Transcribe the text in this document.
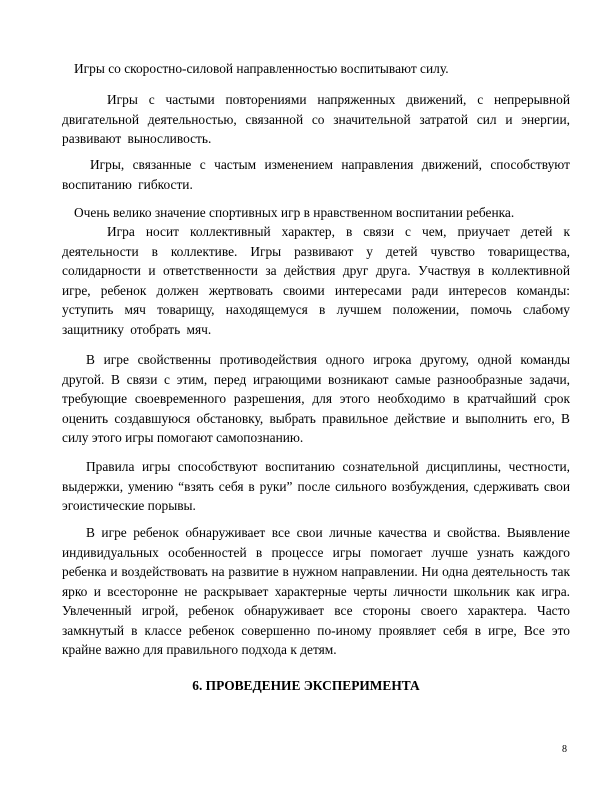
Игры со скоростно-силовой направленностью воспитывают силу.

Игры с частыми повторениями напряженных движений, с непрерывной двигательной деятельностью, связанной со значительной затратой сил и энергии, развивают выносливость.

Игры, связанные с частым изменением направления движений, способствуют воспитанию гибкости.

Очень велико значение спортивных игр в нравственном воспитании ребенка.

Игра носит коллективный характер, в связи с чем, приучает детей к деятельности в коллективе. Игры развивают у детей чувство товарищества, солидарности и ответственности за действия друг друга. Участвуя в коллективной игре, ребенок должен жертвовать своими интересами ради интересов команды: уступить мяч товарищу, находящемуся в лучшем положении, помочь слабому защитнику отобрать мяч.

В игре свойственны противодействия одного игрока другому, одной команды другой. В связи с этим, перед играющими возникают самые разнообразные задачи, требующие своевременного разрешения, для этого необходимо в кратчайший срок оценить создавшуюся обстановку, выбрать правильное действие и выполнить его, В силу этого игры помогают самопознанию.

Правила игры способствуют воспитанию сознательной дисциплины, честности, выдержки, умению “взять себя в руки” после сильного возбуждения, сдерживать свои эгоистические порывы.

В игре ребенок обнаруживает все свои личные качества и свойства. Выявление индивидуальных особенностей в процессе игры помогает лучше узнать каждого ребенка и воздействовать на развитие в нужном направлении. Ни одна деятельность так ярко и всесторонне не раскрывает характерные черты личности школьник как игра. Увлеченный игрой, ребенок обнаруживает все стороны своего характера. Часто замкнутый в классе ребенок совершенно по-иному проявляет себя в игре, Все это крайне важно для правильного подхода к детям.

6. ПРОВЕДЕНИЕ ЭКСПЕРИМЕНТА

8
